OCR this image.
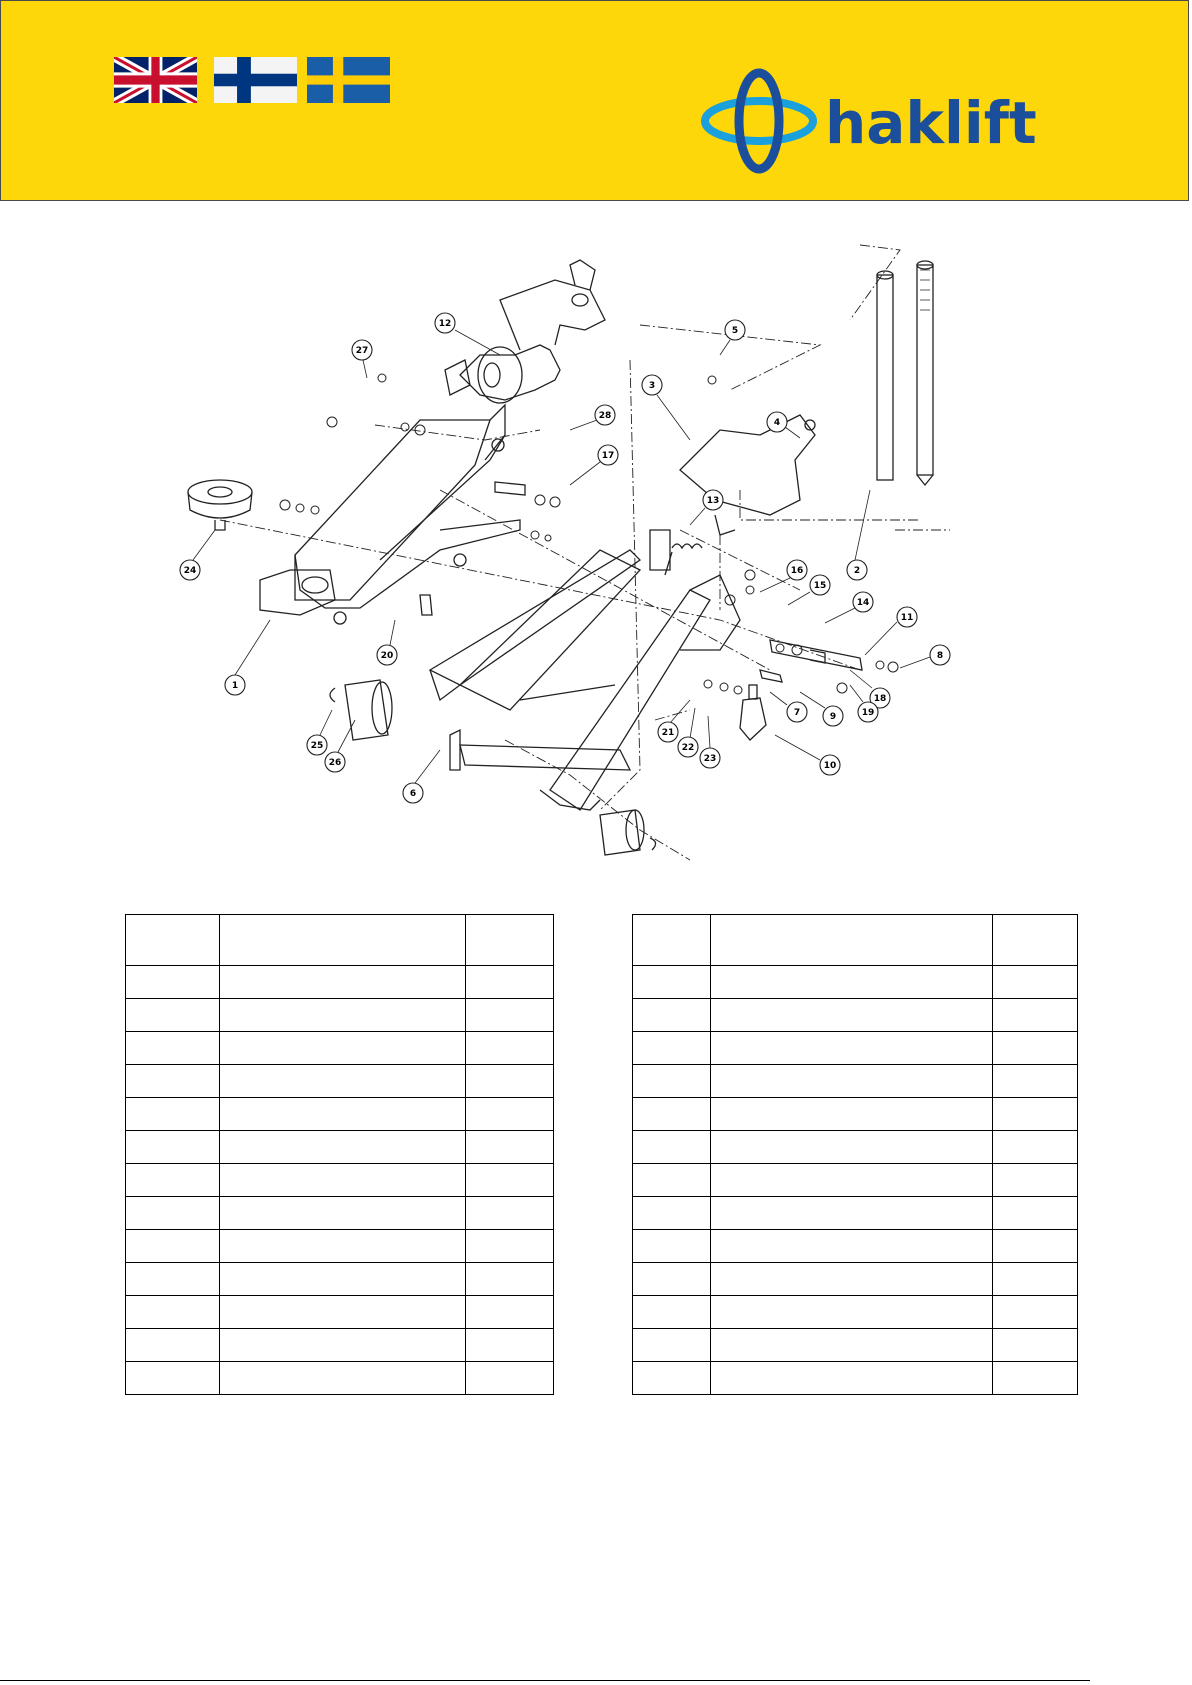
haklift
1
2
3
4
5
6
7
8
9
10
11
12
13
14
15
16
17
18
19
20
21
22
23
24
25
26
27
28
